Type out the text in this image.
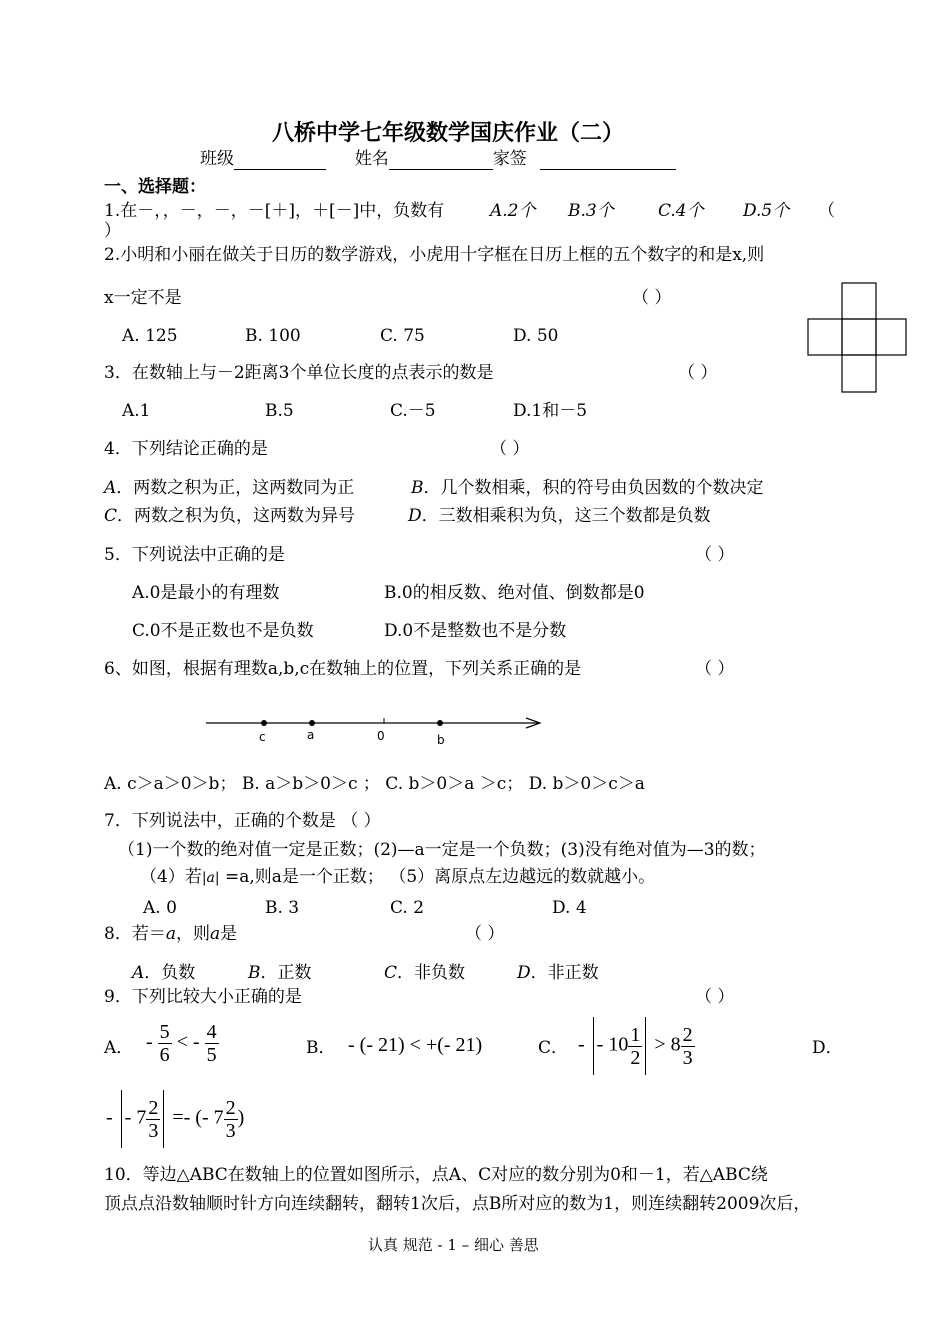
八桥中学七年级数学国庆作业（二）
班级	姓名	家签
一、选择题：
1.在－，，－，－，－[＋]，＋[－]中，负数有	A.2个 B.3个	C.4个 D.5个 （
）
2.小明和小丽在做关于日历的数学游戏，小虎用十字框在日历上框的五个数字的和是x,则
x一定不是	（ ）
A. 125	B. 100	C. 75	D. 50
3．在数轴上与－2距离3个单位长度的点表示的数是	（ ）
A.1	B.5	C.－5	D.1和－5
4．下列结论正确的是	（ ）
A．两数之积为正，这两数同为正	B．几个数相乘，积的符号由负因数的个数决定
C．两数之积为负，这两数为异号	D．三数相乘积为负，这三个数都是负数
5．下列说法中正确的是	（ ）
A.0是最小的有理数	B.0的相反数、绝对值、倒数都是0
C.0不是正数也不是负数	D.0不是整数也不是分数
6、如图，根据有理数a,b,c在数轴上的位置，下列关系正确的是	（ ）
c	a	0	b
A. c＞a＞0＞b； B. a＞b＞0＞c ； C. b＞0＞a ＞c； D. b＞0＞c＞a
7．下列说法中，正确的个数是 （ ）
（1)一个数的绝对值一定是正数；(2)—a一定是一个负数；(3)没有绝对值为—3的数；
（4）若|a| =a,则a是一个正数； （5）离原点左边越远的数就越小。
A. 0	B. 3	C. 2	D. 4
8．若＝a，则a是	（ ）
A．负数	B．正数	C．非负数	D．非正数
9．下列比较大小正确的是	（ ）
A． - $\frac{5}{6}$ < - $\frac{4}{5}$	B． - (- 21) < +(- 21)	C． - - $10 \frac{1}{2} > 8 \frac{2}{3}$	D．
- - $7 \frac{2}{3}$ =- (- $7 \frac{2}{3}$ )
10．等边△ABC在数轴上的位置如图所示，点A、C对应的数分别为0和－1，若△ABC绕
顶点点沿数轴顺时针方向连续翻转，翻转1次后，点B所对应的数为1，则连续翻转2009次后，
认真 规范 - 1 – 细心 善思
